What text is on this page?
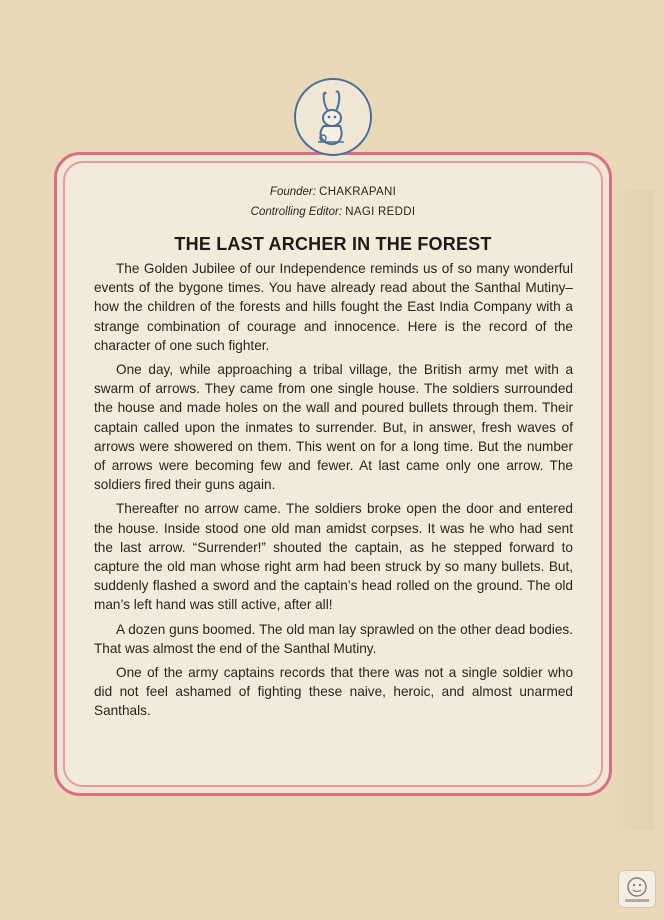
Founder: CHAKRAPANI
Controlling Editor: NAGI REDDI
THE LAST ARCHER IN THE FOREST

The Golden Jubilee of our Independence reminds us of so many wonderful events of the bygone times. You have already read about the Santhal Mutiny–how the children of the forests and hills fought the East India Company with a strange combination of courage and innocence. Here is the record of the character of one such fighter.

One day, while approaching a tribal village, the British army met with a swarm of arrows. They came from one single house. The soldiers surrounded the house and made holes on the wall and poured bullets through them. Their captain called upon the inmates to surrender. But, in answer, fresh waves of arrows were showered on them. This went on for a long time. But the number of arrows were becoming few and fewer. At last came only one arrow. The soldiers fired their guns again.

Thereafter no arrow came. The soldiers broke open the door and entered the house. Inside stood one old man amidst corpses. It was he who had sent the last arrow. “Surrender!” shouted the captain, as he stepped forward to capture the old man whose right arm had been struck by so many bullets. But, suddenly flashed a sword and the captain’s head rolled on the ground. The old man’s left hand was still active, after all!

A dozen guns boomed. The old man lay sprawled on the other dead bodies. That was almost the end of the Santhal Mutiny.

One of the army captains records that there was not a single soldier who did not feel ashamed of fighting these naive, heroic, and almost unarmed Santhals.
